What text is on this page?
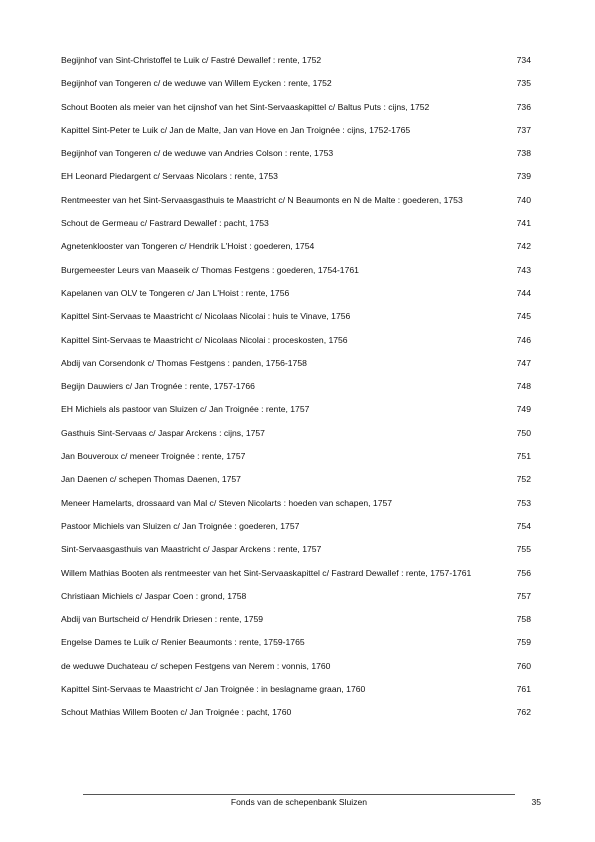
Begijnhof van Sint-Christoffel te Luik c/ Fastré Dewallef : rente, 1752	734
Begijnhof van Tongeren c/ de weduwe van Willem Eycken : rente, 1752	735
Schout Booten als meier van het cijnshof van het Sint-Servaaskapittel c/ Baltus Puts : cijns, 1752	736
Kapittel Sint-Peter te Luik c/ Jan de Malte, Jan van Hove en Jan Troignée : cijns, 1752-1765	737
Begijnhof van Tongeren c/ de weduwe van Andries Colson : rente, 1753	738
EH Leonard Piedargent c/ Servaas Nicolars : rente, 1753	739
Rentmeester van het Sint-Servaasgasthuis te Maastricht c/ N Beaumonts en N de Malte : goederen, 1753	740
Schout de Germeau c/ Fastrard Dewallef : pacht, 1753	741
Agnetenklooster van Tongeren c/ Hendrik L'Hoist : goederen, 1754	742
Burgemeester Leurs van Maaseik c/ Thomas Festgens : goederen, 1754-1761	743
Kapelanen van OLV te Tongeren c/ Jan L'Hoist : rente, 1756	744
Kapittel Sint-Servaas te Maastricht c/ Nicolaas Nicolai : huis te Vinave, 1756	745
Kapittel Sint-Servaas te Maastricht c/ Nicolaas Nicolai : proceskosten, 1756	746
Abdij van Corsendonk c/ Thomas Festgens : panden, 1756-1758	747
Begijn Dauwiers c/ Jan Trognée : rente, 1757-1766	748
EH Michiels als pastoor van Sluizen c/ Jan Troignée : rente, 1757	749
Gasthuis Sint-Servaas c/ Jaspar Arckens : cijns, 1757	750
Jan Bouveroux c/ meneer Troignée : rente, 1757	751
Jan Daenen c/ schepen Thomas Daenen, 1757	752
Meneer Hamelarts, drossaard van Mal c/ Steven Nicolarts : hoeden van schapen, 1757	753
Pastoor Michiels van Sluizen c/ Jan Troignée : goederen, 1757	754
Sint-Servaasgasthuis van Maastricht c/ Jaspar Arckens : rente, 1757	755
Willem Mathias Booten als rentmeester van het Sint-Servaaskapittel c/ Fastrard Dewallef : rente, 1757-1761	756
Christiaan Michiels c/ Jaspar Coen : grond, 1758	757
Abdij van Burtscheid c/ Hendrik Driesen : rente, 1759	758
Engelse Dames te Luik c/ Renier Beaumonts : rente, 1759-1765	759
de weduwe Duchateau c/ schepen Festgens van Nerem : vonnis, 1760	760
Kapittel Sint-Servaas te Maastricht c/ Jan Troignée : in beslagname graan, 1760	761
Schout Mathias Willem Booten c/ Jan Troignée : pacht, 1760	762
Fonds van de schepenbank Sluizen	35
